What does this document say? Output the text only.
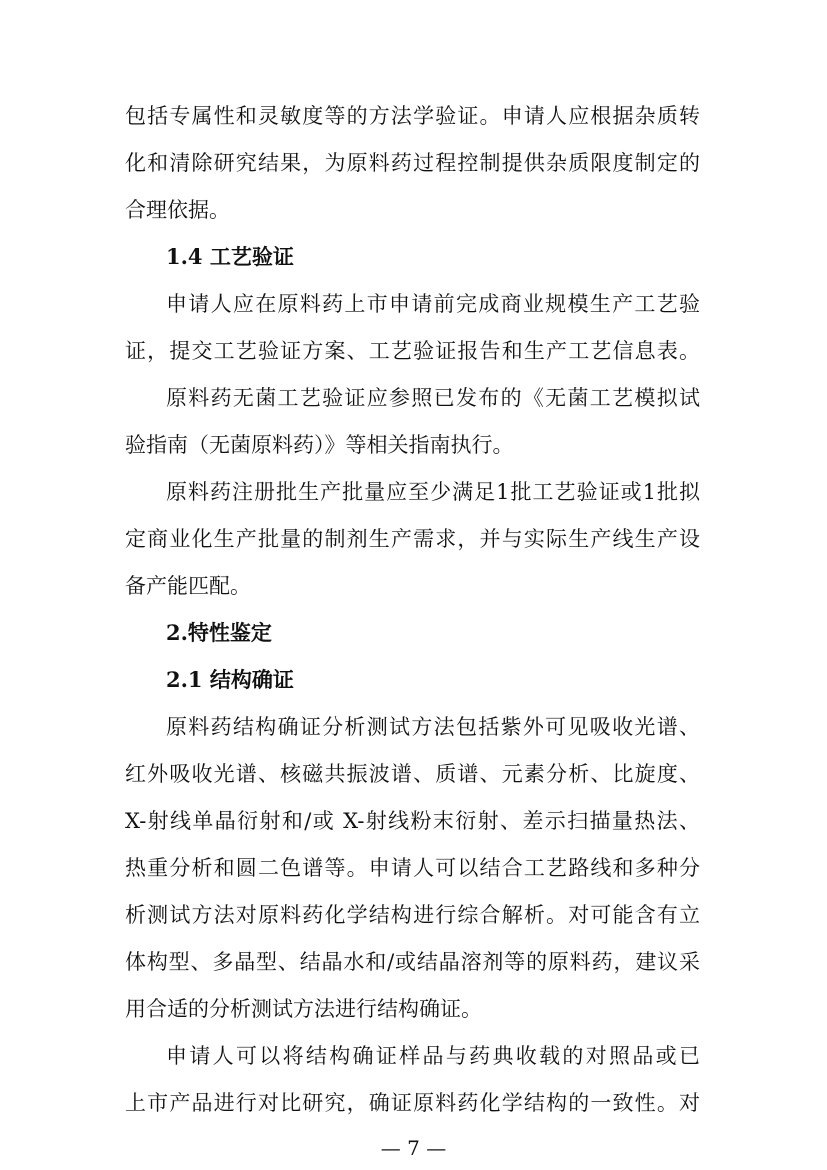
包括专属性和灵敏度等的方法学验证。申请人应根据杂质转
化和清除研究结果，为原料药过程控制提供杂质限度制定的
合理依据。
1.4 工艺验证
申请人应在原料药上市申请前完成商业规模生产工艺验
证，提交工艺验证方案、工艺验证报告和生产工艺信息表。
原料药无菌工艺验证应参照已发布的《无菌工艺模拟试
验指南（无菌原料药）》等相关指南执行。
原料药注册批生产批量应至少满足1批工艺验证或1批拟
定商业化生产批量的制剂生产需求，并与实际生产线生产设
备产能匹配。
2.特性鉴定
2.1 结构确证
原料药结构确证分析测试方法包括紫外可见吸收光谱、
红外吸收光谱、核磁共振波谱、质谱、元素分析、比旋度、
X-射线单晶衍射和/或 X-射线粉末衍射、差示扫描量热法、
热重分析和圆二色谱等。申请人可以结合工艺路线和多种分
析测试方法对原料药化学结构进行综合解析。对可能含有立
体构型、多晶型、结晶水和/或结晶溶剂等的原料药，建议采
用合适的分析测试方法进行结构确证。
申请人可以将结构确证样品与药典收载的对照品或已
上市产品进行对比研究，确证原料药化学结构的一致性。对
— 7 —
